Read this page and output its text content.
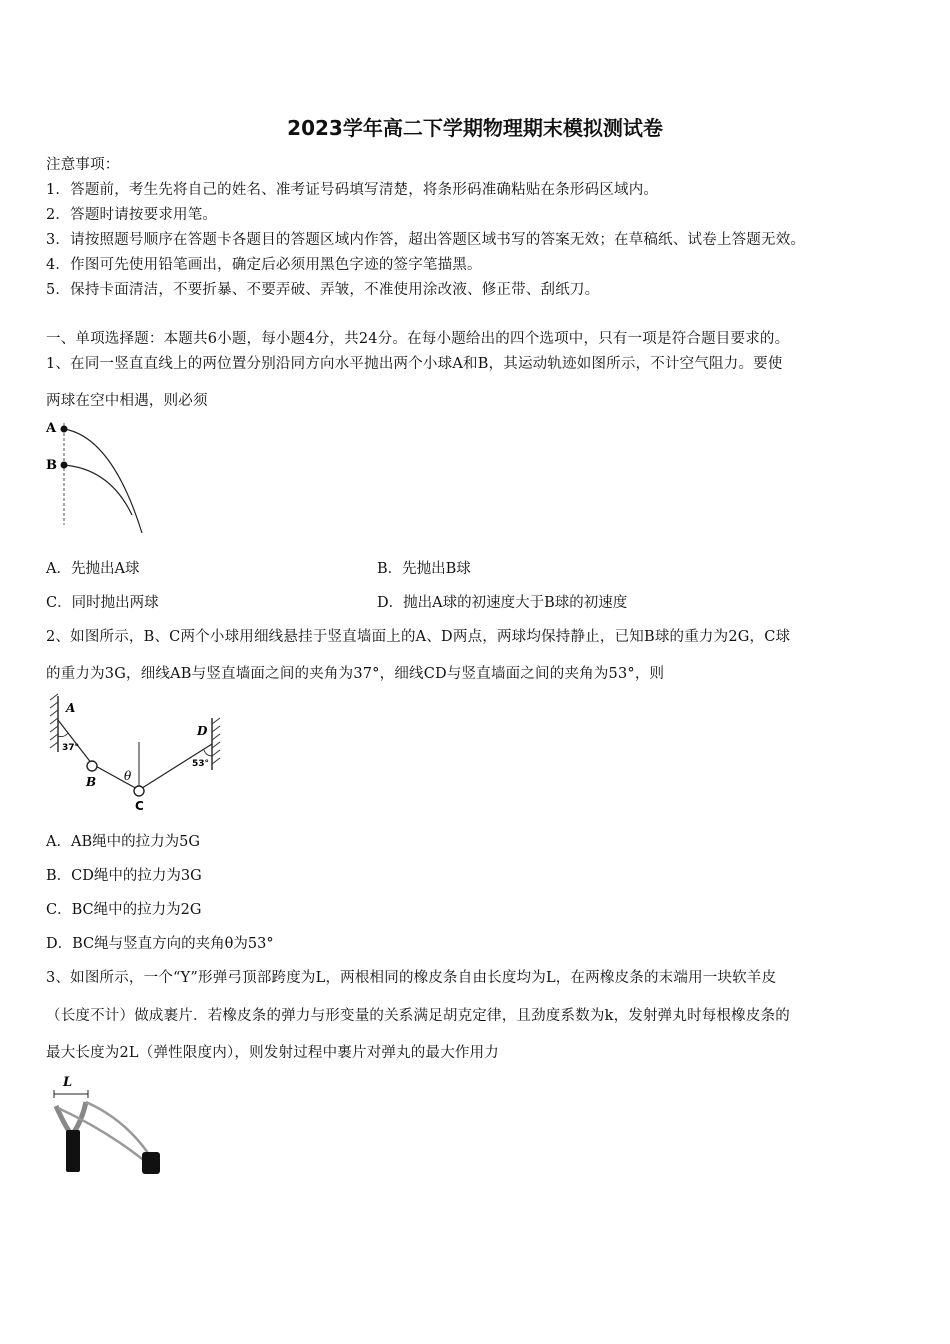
2023学年高二下学期物理期末模拟测试卷
注意事项：
1．答题前，考生先将自己的姓名、准考证号码填写清楚，将条形码准确粘贴在条形码区域内。
2．答题时请按要求用笔。
3．请按照题号顺序在答题卡各题目的答题区域内作答，超出答题区域书写的答案无效；在草稿纸、试卷上答题无效。
4．作图可先使用铅笔画出，确定后必须用黑色字迹的签字笔描黑。
5．保持卡面清洁，不要折暴、不要弄破、弄皱，不准使用涂改液、修正带、刮纸刀。
一、单项选择题：本题共6小题，每小题4分，共24分。在每小题给出的四个选项中，只有一项是符合题目要求的。
1、在同一竖直直线上的两位置分别沿同方向水平抛出两个小球A和B，其运动轨迹如图所示，不计空气阻力。要使
两球在空中相遇，则必须
A
B
A．先抛出A球	B．先抛出B球
C．同时抛出两球	D．抛出A球的初速度大于B球的初速度
2、如图所示，B、C两个小球用细线悬挂于竖直墙面上的A、D两点，两球均保持静止，已知B球的重力为2G，C球
的重力为3G，细线AB与竖直墙面之间的夹角为37°，细线CD与竖直墙面之间的夹角为53°，则
A
B
C
D
37°
53°
θ
A．AB绳中的拉力为5G
B．CD绳中的拉力为3G
C．BC绳中的拉力为2G
D．BC绳与竖直方向的夹角θ为53°
3、如图所示，一个“Y”形弹弓顶部跨度为L，两根相同的橡皮条自由长度均为L，在两橡皮条的末端用一块软羊皮
（长度不计）做成裹片．若橡皮条的弹力与形变量的关系满足胡克定律，且劲度系数为k，发射弹丸时每根橡皮条的
最大长度为2L（弹性限度内），则发射过程中裹片对弹丸的最大作用力
L
